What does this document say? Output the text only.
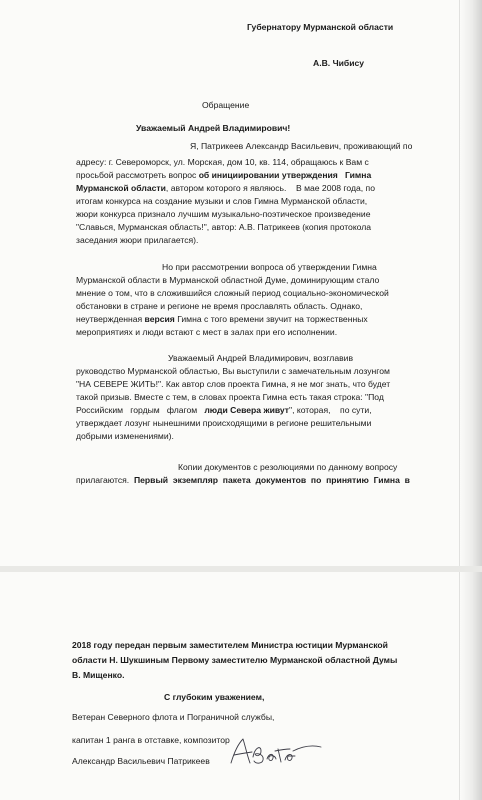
Губернатору Мурманской области

А.В. Чибису

Обращение

Уважаемый Андрей Владимирович!

Я, Патрикеев Александр Васильевич, проживающий по

адресу: г. Североморск, ул. Морская, дом 10, кв. 114, обращаюсь к Вам с

просьбой рассмотреть вопрос об инициировании утверждения   Гимна

Мурманской области, автором которого я являюсь.    В мае 2008 года, по

итогам конкурса на создание музыки и слов Гимна Мурманской области,

жюри конкурса признало лучшим музыкально-поэтическое произведение

"Славься, Мурманская область!", автор: А.В. Патрикеев (копия протокола

заседания жюри прилагается).

Но при рассмотрении вопроса об утверждении Гимна

Мурманской области в Мурманской областной Думе, доминирующим стало

мнение о том, что в сложившийся сложный период социально-экономической

обстановки в стране и регионе не время прославлять область. Однако,

неутвержденная версия Гимна с того времени звучит на торжественных

мероприятиях и люди встают с мест в залах при его исполнении.

Уважаемый Андрей Владимирович, возглавив

руководство Мурманской областью, Вы выступили с замечательным лозунгом

"НА СЕВЕРЕ ЖИТЬ!". Как автор слов проекта Гимна, я не мог знать, что будет

такой призыв. Вместе с тем, в словах проекта Гимна есть такая строка: "Под

Российским   гордым   флагом   люди Севера живут", которая,    по сути,

утверждает лозунг нынешними происходящими в регионе решительными

добрыми изменениями).

Копии документов с резолюциями по данному вопросу

прилагаются.  Первый  экземпляр  пакета  документов  по  принятию  Гимна  в

2018 году передан первым заместителем Министра юстиции Мурманской

области Н. Шукшиным Первому заместителю Мурманской областной Думы

В. Мищенко.

С глубоким уважением,

Ветеран Северного флота и Пограничной службы,

капитан 1 ранга в отставке, композитор

Александр Васильевич Патрикеев
